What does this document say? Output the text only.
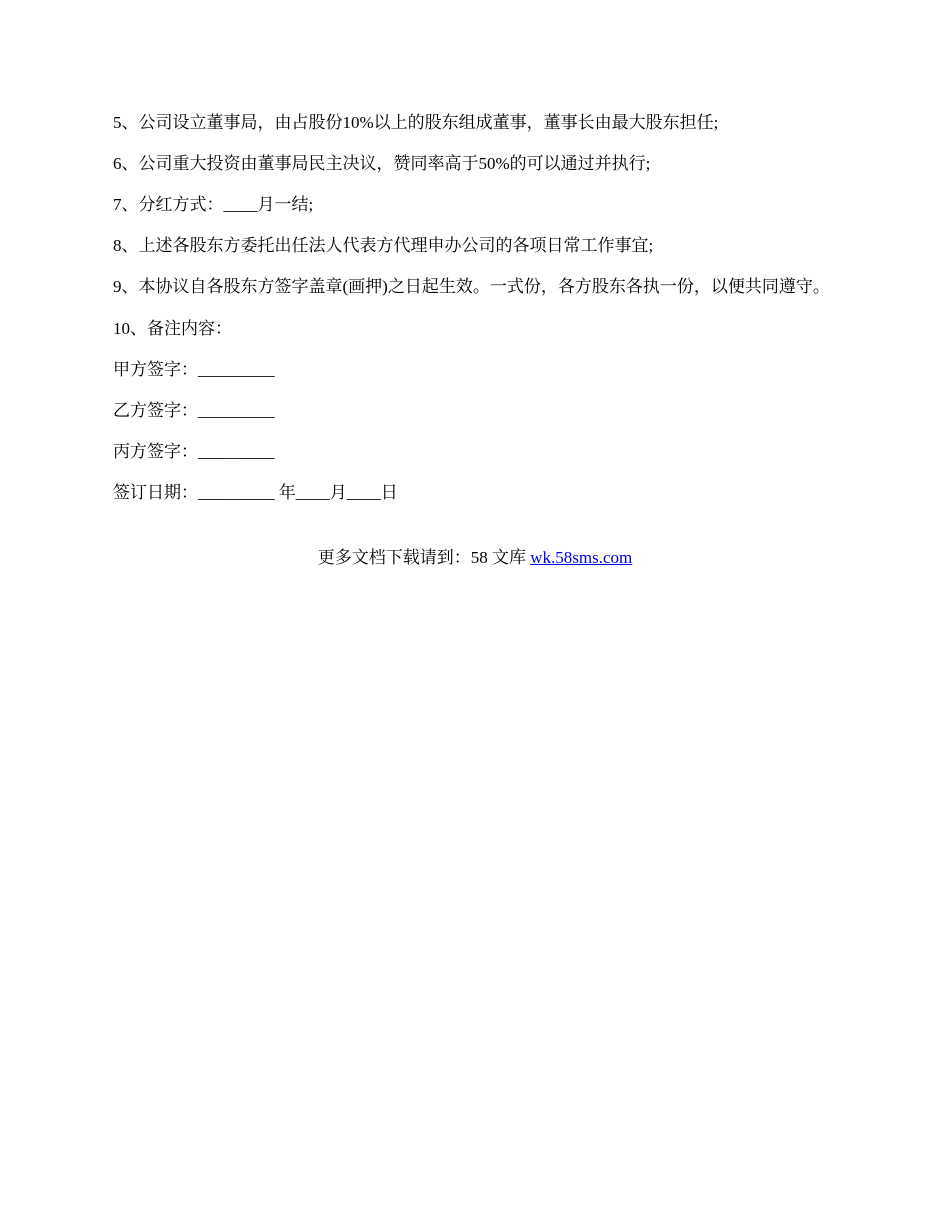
5、公司设立董事局，由占股份10%以上的股东组成董事，董事长由最大股东担任;

6、公司重大投资由董事局民主决议，赞同率高于50%的可以通过并执行;

7、分红方式：____月一结;

8、上述各股东方委托出任法人代表方代理申办公司的各项日常工作事宜;

9、本协议自各股东方签字盖章(画押)之日起生效。一式份，各方股东各执一份，以便共同遵守。

10、备注内容：

甲方签字：_________

乙方签字：_________

丙方签字：_________

签订日期：_________ 年____月____日

更多文档下载请到：58 文库 wk.58sms.com
